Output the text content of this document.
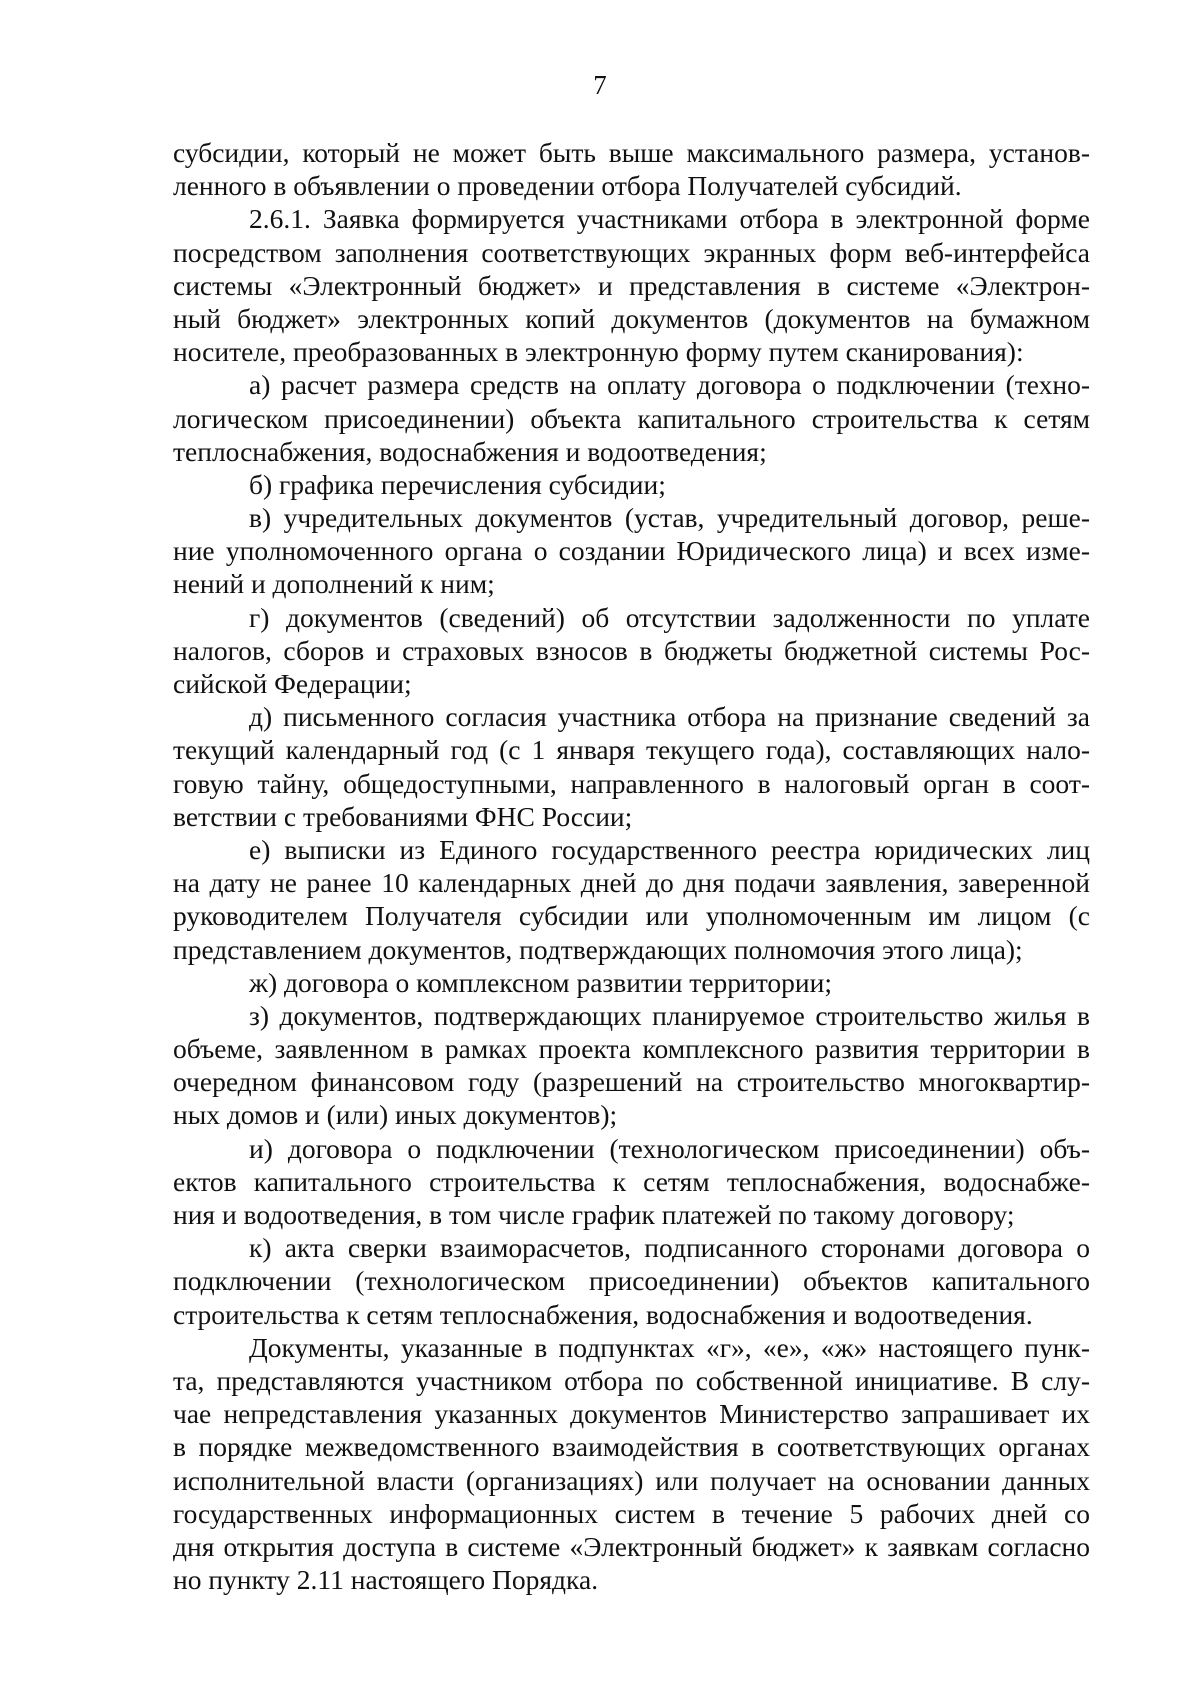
7
субсидии, который не может быть выше максимального размера, установ-
ленного в объявлении о проведении отбора Получателей субсидий.
2.6.1. Заявка формируется участниками отбора в электронной форме
посредством заполнения соответствующих экранных форм веб-интерфейса
системы «Электронный бюджет» и представления в системе «Электрон-
ный бюджет» электронных копий документов (документов на бумажном
носителе, преобразованных в электронную форму путем сканирования):
а) расчет размера средств на оплату договора о подключении (техно-
логическом присоединении) объекта капитального строительства к сетям
теплоснабжения, водоснабжения и водоотведения;
б) графика перечисления субсидии;
в) учредительных документов (устав, учредительный договор, реше-
ние уполномоченного органа о создании Юридического лица) и всех изме-
нений и дополнений к ним;
г) документов (сведений) об отсутствии задолженности по уплате
налогов, сборов и страховых взносов в бюджеты бюджетной системы Рос-
сийской Федерации;
д) письменного согласия участника отбора на признание сведений за
текущий календарный год (с 1 января текущего года), составляющих нало-
говую тайну, общедоступными, направленного в налоговый орган в соот-
ветствии с требованиями ФНС России;
е) выписки из Единого государственного реестра юридических лиц
на дату не ранее 10 календарных дней до дня подачи заявления, заверенной
руководителем Получателя субсидии или уполномоченным им лицом (с
представлением документов, подтверждающих полномочия этого лица);
ж) договора о комплексном развитии территории;
з) документов, подтверждающих планируемое строительство жилья в
объеме, заявленном в рамках проекта комплексного развития территории в
очередном финансовом году (разрешений на строительство многоквартир-
ных домов и (или) иных документов);
и) договора о подключении (технологическом присоединении) объ-
ектов капитального строительства к сетям теплоснабжения, водоснабже-
ния и водоотведения, в том числе график платежей по такому договору;
к) акта сверки взаиморасчетов, подписанного сторонами договора о
подключении (технологическом присоединении) объектов капитального
строительства к сетям теплоснабжения, водоснабжения и водоотведения.
Документы, указанные в подпунктах «г», «е», «ж» настоящего пунк-
та, представляются участником отбора по собственной инициативе. В слу-
чае непредставления указанных документов Министерство запрашивает их
в порядке межведомственного взаимодействия в соответствующих органах
исполнительной власти (организациях) или получает на основании данных
государственных информационных систем в течение 5 рабочих дней со
дня открытия доступа в системе «Электронный бюджет» к заявкам согласно
но пункту 2.11 настоящего Порядка.
